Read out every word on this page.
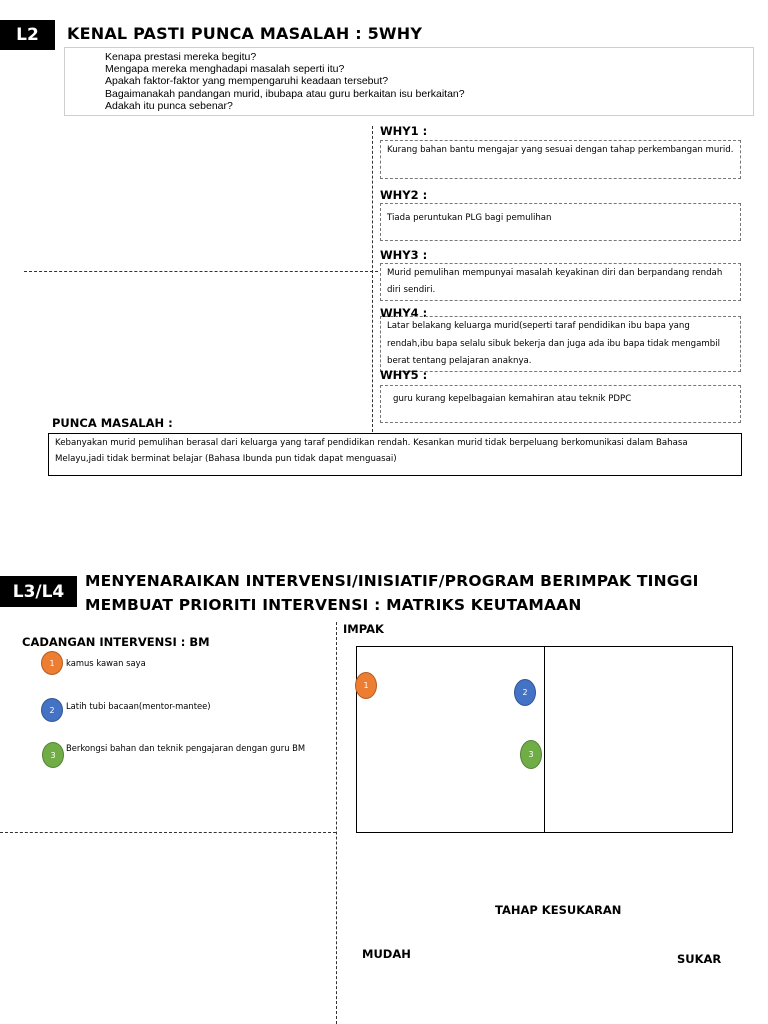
L2	KENAL PASTI PUNCA MASALAH : 5WHY
Kenapa prestasi mereka begitu?
Mengapa mereka menghadapi masalah seperti itu?
Apakah faktor-faktor yang mempengaruhi keadaan tersebut?
Bagaimanakah pandangan murid, ibubapa atau guru berkaitan isu berkaitan?
Adakah itu punca sebenar?
WHY1 :
Kurang bahan bantu mengajar yang sesuai dengan tahap perkembangan murid.
WHY2 :
Tiada peruntukan PLG bagi pemulihan
WHY3 :
Murid pemulihan mempunyai masalah keyakinan diri dan berpandang rendah diri sendiri.
WHY4 :
Latar belakang keluarga murid(seperti taraf pendidikan ibu bapa yang rendah,ibu bapa selalu sibuk bekerja dan juga ada ibu bapa tidak mengambil berat tentang pelajaran anaknya.
WHY5 :
guru kurang kepelbagaian kemahiran atau teknik PDPC
PUNCA MASALAH :
Kebanyakan murid pemulihan berasal dari keluarga yang taraf pendidikan rendah. Kesankan murid tidak berpeluang berkomunikasi dalam Bahasa Melayu,jadi tidak berminat belajar (Bahasa Ibunda pun tidak dapat menguasai)
L3/L4
MENYENARAIKAN INTERVENSI/INISIATIF/PROGRAM BERIMPAK TINGGI
MEMBUAT PRIORITI INTERVENSI : MATRIKS KEUTAMAAN
CADANGAN INTERVENSI : BM
1	kamus kawan saya
2	Latih tubi bacaan(mentor-mantee)
3
Berkongsi bahan dan teknik pengajaran dengan guru BM
IMPAK
1
2
3
TAHAP KESUKARAN
MUDAH	SUKAR
